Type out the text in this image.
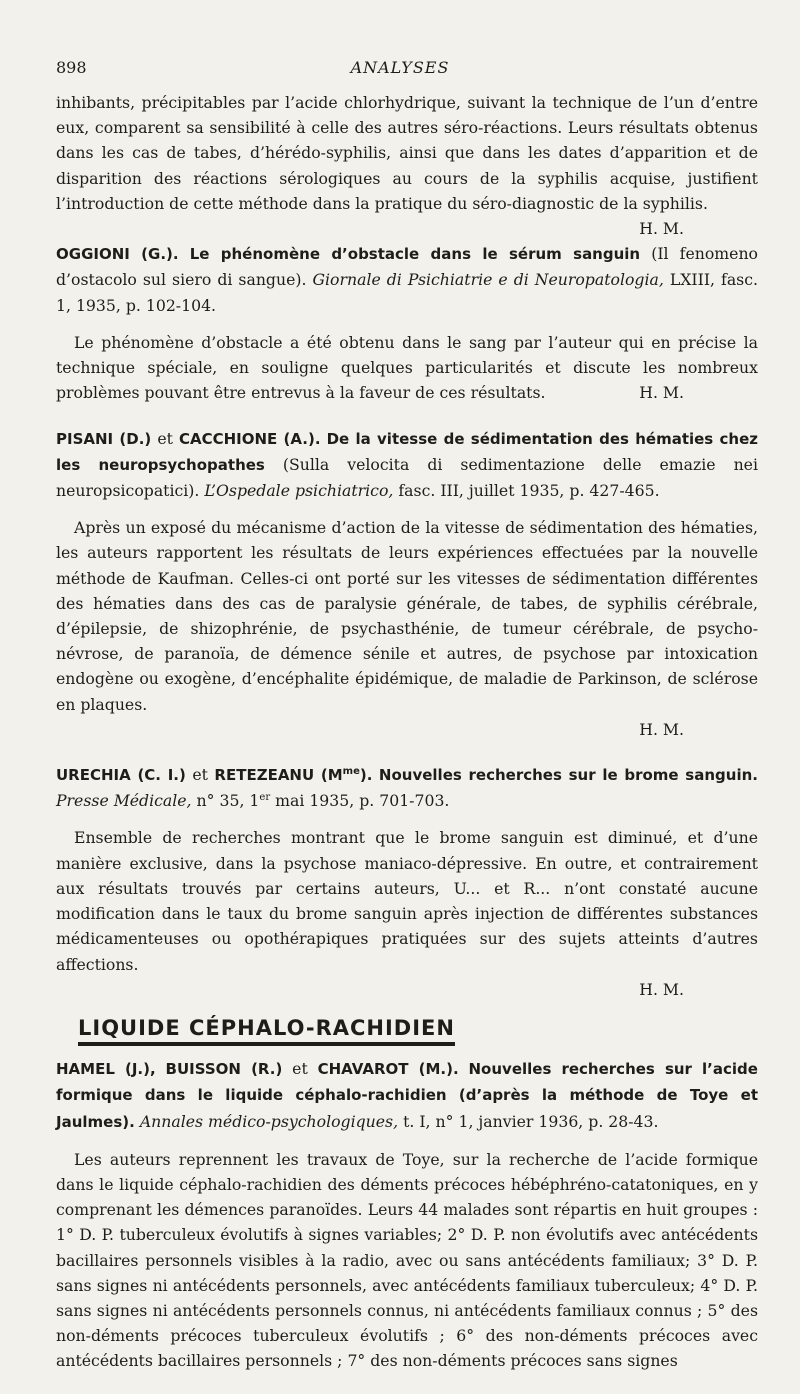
898	ANALYSES

inhibants, précipitables par l’acide chlorhydrique, suivant la technique de l’un d’entre eux, comparent sa sensibilité à celle des autres séro-réactions. Leurs résultats obtenus dans les cas de tabes, d’hérédo-syphilis, ainsi que dans les dates d’apparition et de disparition des réactions sérologiques au cours de la syphilis acquise, justifient l’introduction de cette méthode dans la pratique du séro-diagnostic de la syphilis.

H. M.

OGGIONI (G.). Le phénomène d’obstacle dans le sérum sanguin (Il fenomeno d’ostacolo sul siero di sangue). Giornale di Psichiatrie e di Neuropatologia, LXIII, fasc. 1, 1935, p. 102-104.

Le phénomène d’obstacle a été obtenu dans le sang par l’auteur qui en précise la technique spéciale, en souligne quelques particularités et discute les nombreux problèmes pouvant être entrevus à la faveur de ces résultats.	H. M.

PISANI (D.) et CACCHIONE (A.). De la vitesse de sédimentation des hématies chez les neuropsychopathes (Sulla velocita di sedimentazione delle emazie nei neuropsicopatici). L’Ospedale psichiatrico, fasc. III, juillet 1935, p. 427-465.

Après un exposé du mécanisme d’action de la vitesse de sédimentation des hématies, les auteurs rapportent les résultats de leurs expériences effectuées par la nouvelle méthode de Kaufman. Celles-ci ont porté sur les vitesses de sédimentation différentes des hématies dans des cas de paralysie générale, de tabes, de syphilis cérébrale, d’épilepsie, de shizophrénie, de psychasthénie, de tumeur cérébrale, de psycho-névrose, de paranoïa, de démence sénile et autres, de psychose par intoxication endogène ou exogène, d’encéphalite épidémique, de maladie de Parkinson, de sclérose en plaques.

H. M.

URECHIA (C. I.) et RETEZEANU $(M^{me})$. Nouvelles recherches sur le brome sanguin. Presse Médicale, n° 35, 1er mai 1935, p. 701-703.

Ensemble de recherches montrant que le brome sanguin est diminué, et d’une manière exclusive, dans la psychose maniaco-dépressive. En outre, et contrairement aux résultats trouvés par certains auteurs, U... et R... n’ont constaté aucune modification dans le taux du brome sanguin après injection de différentes substances médicamenteuses ou opothérapiques pratiquées sur des sujets atteints d’autres affections.

H. M.

LIQUIDE CÉPHALO-RACHIDIEN
HAMEL (J.), BUISSON (R.) et CHAVAROT (M.). Nouvelles recherches sur l’acide formique dans le liquide céphalo-rachidien (d’après la méthode de Toye et Jaulmes). Annales médico-psychologiques, t. I, n° 1, janvier 1936, p. 28-43.

Les auteurs reprennent les travaux de Toye, sur la recherche de l’acide formique dans le liquide céphalo-rachidien des déments précoces hébéphréno-catatoniques, en y comprenant les démences paranoïdes. Leurs 44 malades sont répartis en huit groupes : 1° D. P. tuberculeux évolutifs à signes variables; 2° D. P. non évolutifs avec antécédents bacillaires personnels visibles à la radio, avec ou sans antécédents familiaux; 3° D. P. sans signes ni antécédents personnels, avec antécédents familiaux tuberculeux; 4° D. P. sans signes ni antécédents personnels connus, ni antécédents familiaux connus ; 5° des non-déments précoces tuberculeux évolutifs ; 6° des non-déments précoces avec antécédents bacillaires personnels ; 7° des non-déments précoces sans signes
